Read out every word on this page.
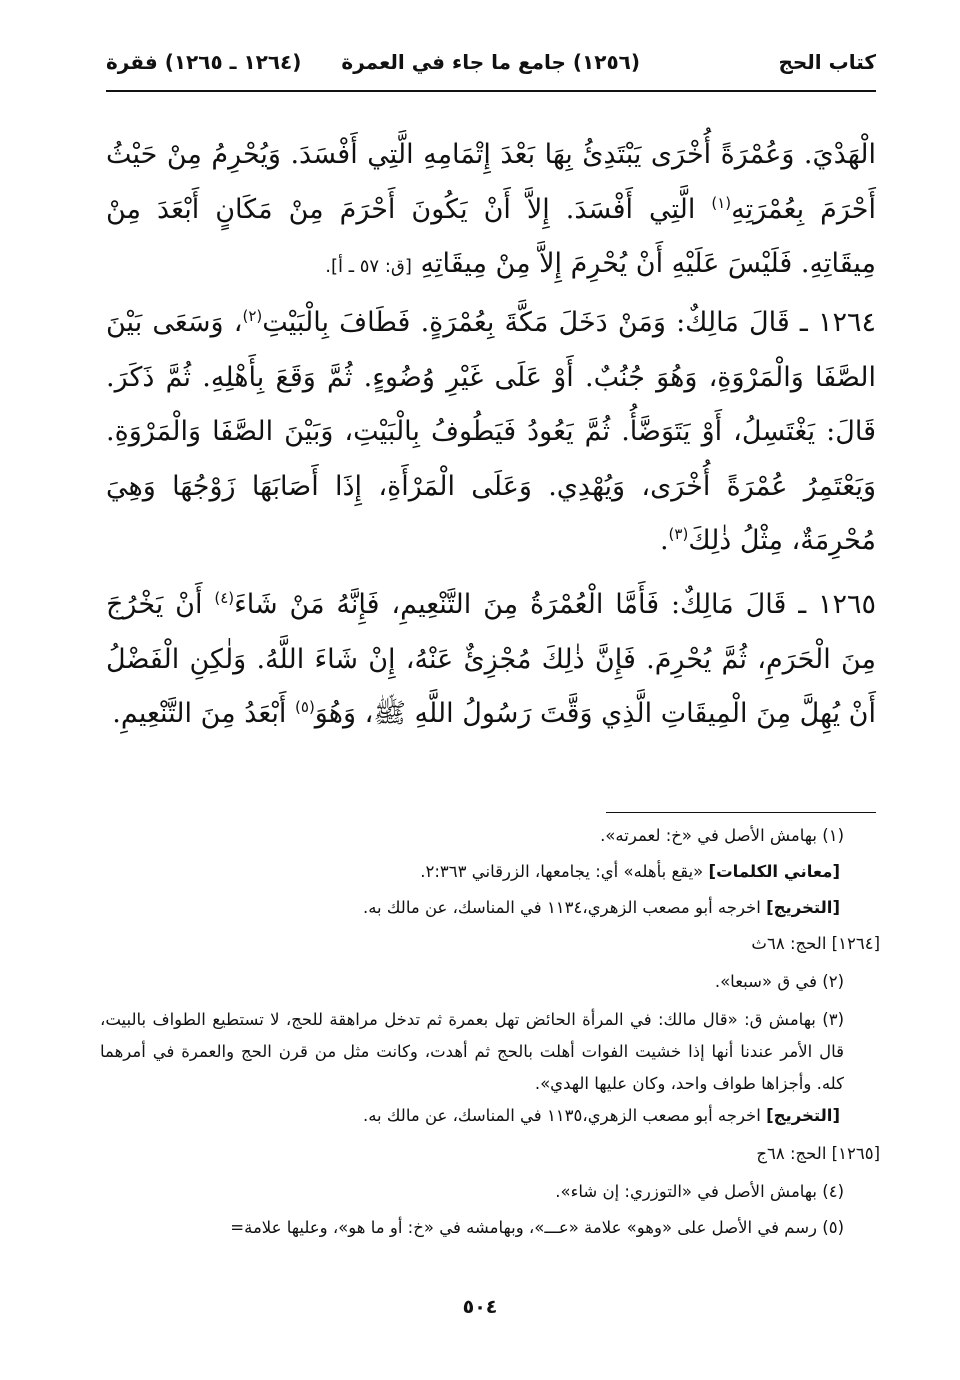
كتاب الحج
(١٢٥٦) جامع ما جاء في العمرة
(١٢٦٤ ـ ١٢٦٥) فقرة

الْهَدْيَ. وَعُمْرَةً أُخْرَى يَبْتَدِئُ بِهَا بَعْدَ إِتْمَامِهِ الَّتِي أَفْسَدَ. وَيُحْرِمُ مِنْ حَيْثُ أَحْرَمَ بِعُمْرَتِهِ$^{(١)}$ الَّتِي أَفْسَدَ. إِلاَّ أَنْ يَكُونَ أَحْرَمَ مِنْ مَكَانٍ أَبْعَدَ مِنْ مِيقَاتِهِ. فَلَيْسَ عَلَيْهِ أَنْ يُحْرِمَ إِلاَّ مِنْ مِيقَاتِهِ [ق: ٥٧ ـ أ].

١٢٦٤ ـ قَالَ مَالِكٌ: وَمَنْ دَخَلَ مَكَّةَ بِعُمْرَةٍ. فَطَافَ بِالْبَيْتِ$^{(٢)}$، وَسَعَى بَيْنَ الصَّفَا وَالْمَرْوَةِ، وَهُوَ جُنُبٌ. أَوْ عَلَى غَيْرِ وُضُوءٍ. ثُمَّ وَقَعَ بِأَهْلِهِ. ثُمَّ ذَكَرَ. قَالَ: يَغْتَسِلُ، أَوْ يَتَوَضَّأُ. ثُمَّ يَعُودُ فَيَطُوفُ بِالْبَيْتِ، وَبَيْنَ الصَّفَا وَالْمَرْوَةِ. وَيَعْتَمِرُ عُمْرَةً أُخْرَى، وَيُهْدِي. وَعَلَى الْمَرْأَةِ، إِذَا أَصَابَهَا زَوْجُهَا وَهِيَ مُحْرِمَةٌ، مِثْلُ ذٰلِكَ$^{(٣)}$.

١٢٦٥ ـ قَالَ مَالِكٌ: فَأَمَّا الْعُمْرَةُ مِنَ التَّنْعِيمِ، فَإِنَّهُ مَنْ شَاءَ$^{(٤)}$ أَنْ يَخْرُجَ مِنَ الْحَرَمِ، ثُمَّ يُحْرِمَ. فَإِنَّ ذٰلِكَ مُجْزِئٌ عَنْهُ، إِنْ شَاءَ اللَّهُ. وَلٰكِنِ الْفَضْلُ أَنْ يُهِلَّ مِنَ الْمِيقَاتِ الَّذِي وَقَّتَ رَسُولُ اللَّهِ ﷺ، وَهُوَ$^{(٥)}$ أَبْعَدُ مِنَ التَّنْعِيمِ.

(١) بهامش الأصل في «خ: لعمرته».
[معاني الكلمات] «يقع بأهله» أي: يجامعها، الزرقاني ٢:٣٦٣.
[التخريج] اخرجه أبو مصعب الزهري،١١٣٤ في المناسك، عن مالك به.
[١٢٦٤] الحج: ٦٨ث
(٢) في ق «سبعا».
(٣) بهامش ق: «قال مالك: في المرأة الحائض تهل بعمرة ثم تدخل مراهقة للحج، لا تستطيع الطواف بالبيت، قال الأمر عندنا أنها إذا خشيت الفوات أهلت بالحج ثم أهدت، وكانت مثل من قرن الحج والعمرة في أمرهما كله. وأجزاها طواف واحد، وكان عليها الهدي».
[التخريج] اخرجه أبو مصعب الزهري،١١٣٥ في المناسك، عن مالك به.
[١٢٦٥] الحج: ٦٨ج
(٤) بهامش الأصل في «التوزري: إن شاء».
(٥) رسم في الأصل على «وهو» علامة «عـــ»، وبهامشه في «خ: أو ما هو»، وعليها علامة=
٥٠٤
